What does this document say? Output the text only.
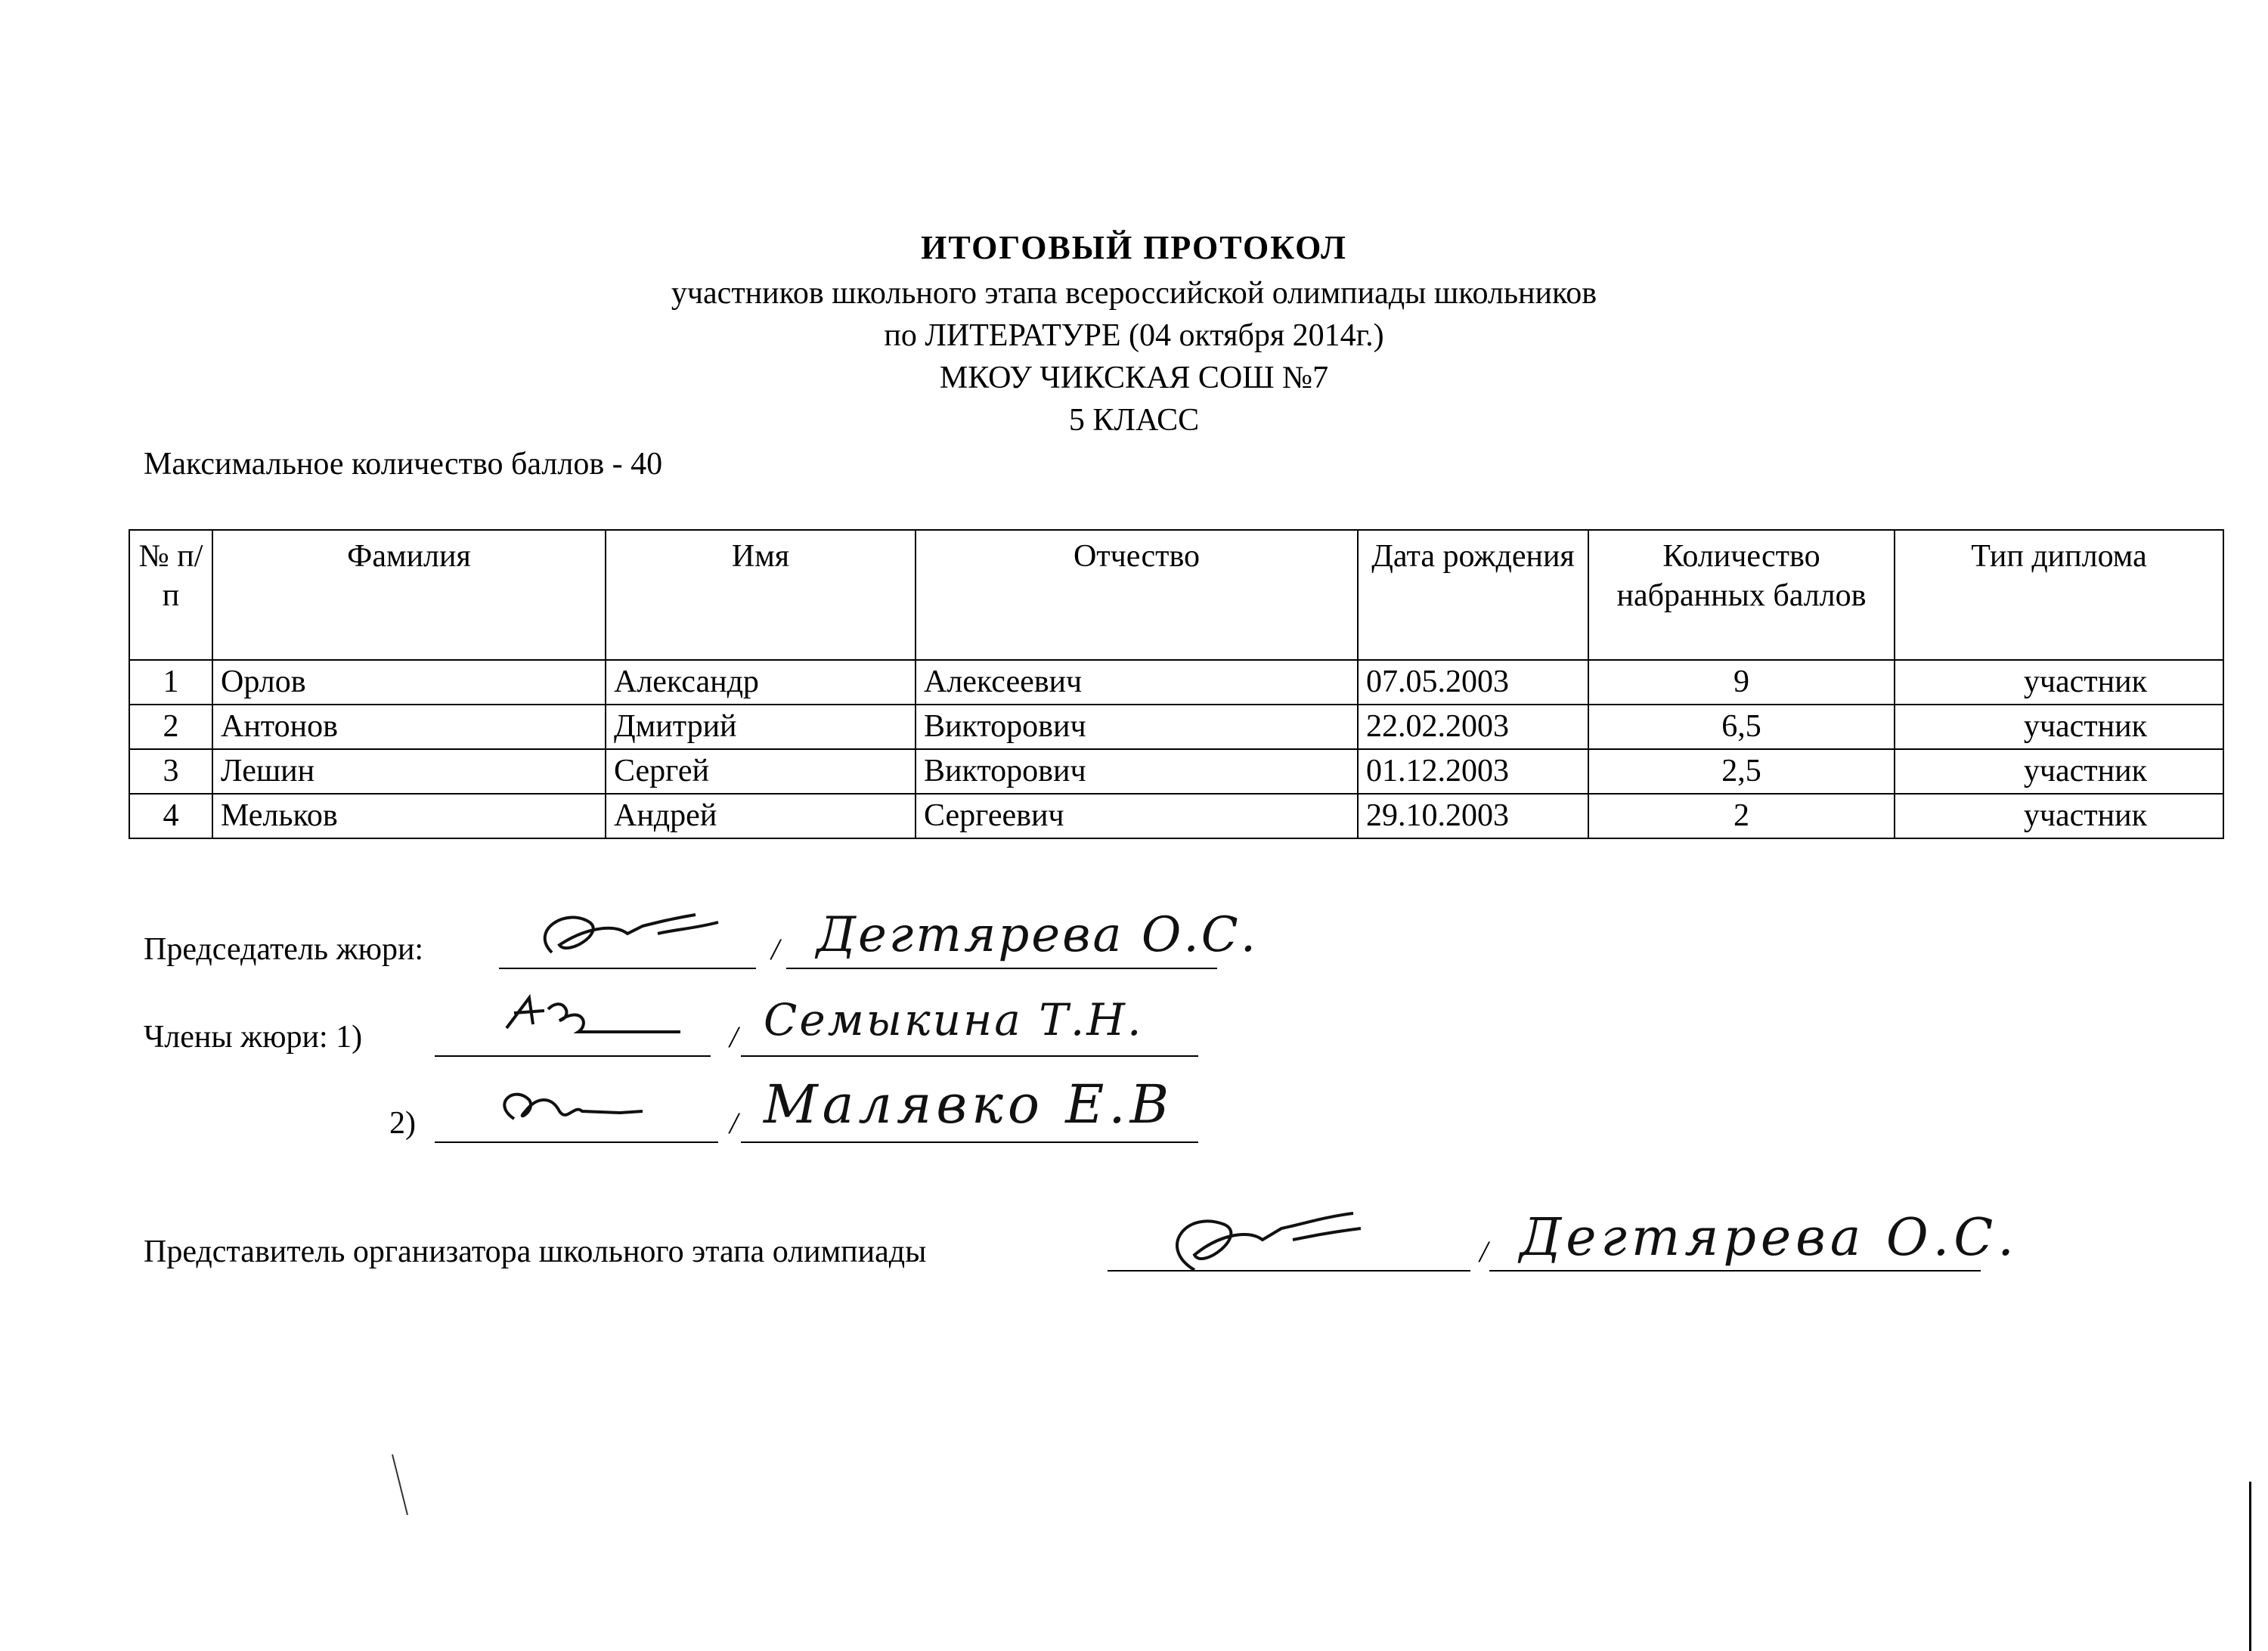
ИТОГОВЫЙ ПРОТОКОЛ
участников школьного этапа всероссийской олимпиады школьников
по ЛИТЕРАТУРЕ (04 октября 2014г.)
МКОУ ЧИКСКАЯ СОШ №7
5 КЛАСС
Максимальное количество баллов - 40
№ п/п	Фамилия	Имя	Отчество	Дата рождения	Количество набранных баллов	Тип диплома
1	Орлов	Александр	Алексеевич	07.05.2003	9	участник
2	Антонов	Дмитрий	Викторович	22.02.2003	6,5	участник
3	Лешин	Сергей	Викторович	01.12.2003	2,5	участник
4	Мельков	Андрей	Сергеевич	29.10.2003	2	участник
Председатель жюри:	/ Дегтярева О.С.
Члены жюри: 1)	/ Семыкина Т.Н.
2)	/ Малявко Е.В
Представитель организатора школьного этапа олимпиады	/ Дегтярева О.С.
